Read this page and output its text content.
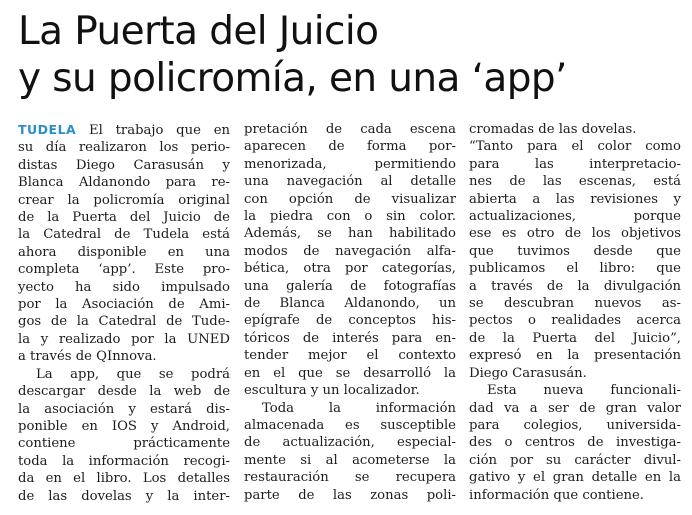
La Puerta del Juicio
y su policromía, en una ‘app’
TUDELA El trabajo que en
su día realizaron los perio-
distas Diego Carasusán y
Blanca Aldanondo para re-
crear la policromía original
de la Puerta del Juicio de
la Catedral de Tudela está
ahora disponible en una
completa ‘app’. Este pro-
yecto ha sido impulsado
por la Asociación de Ami-
gos de la Catedral de Tude-
la y realizado por la UNED
a través de QInnova.
La app, que se podrá
descargar desde la web de
la asociación y estará dis-
ponible en IOS y Android,
contiene prácticamente
toda la información recogi-
da en el libro. Los detalles
de las dovelas y la inter-
pretación de cada escena
aparecen de forma por-
menorizada, permitiendo
una navegación al detalle
con opción de visualizar
la piedra con o sin color.
Además, se han habilitado
modos de navegación alfa-
bética, otra por categorías,
una galería de fotografías
de Blanca Aldanondo, un
epígrafe de conceptos his-
tóricos de interés para en-
tender mejor el contexto
en el que se desarrolló la
escultura y un localizador.
Toda la información
almacenada es susceptible
de actualización, especial-
mente si al acometerse la
restauración se recupera
parte de las zonas poli-
cromadas de las dovelas.
“Tanto para el color como
para las interpretacio-
nes de las escenas, está
abierta a las revisiones y
actualizaciones, porque
ese es otro de los objetivos
que tuvimos desde que
publicamos el libro: que
a través de la divulgación
se descubran nuevos as-
pectos o realidades acerca
de la Puerta del Juicio”,
expresó en la presentación
Diego Carasusán.
Esta nueva funcionali-
dad va a ser de gran valor
para colegios, universida-
des o centros de investiga-
ción por su carácter divul-
gativo y el gran detalle en la
información que contiene.
